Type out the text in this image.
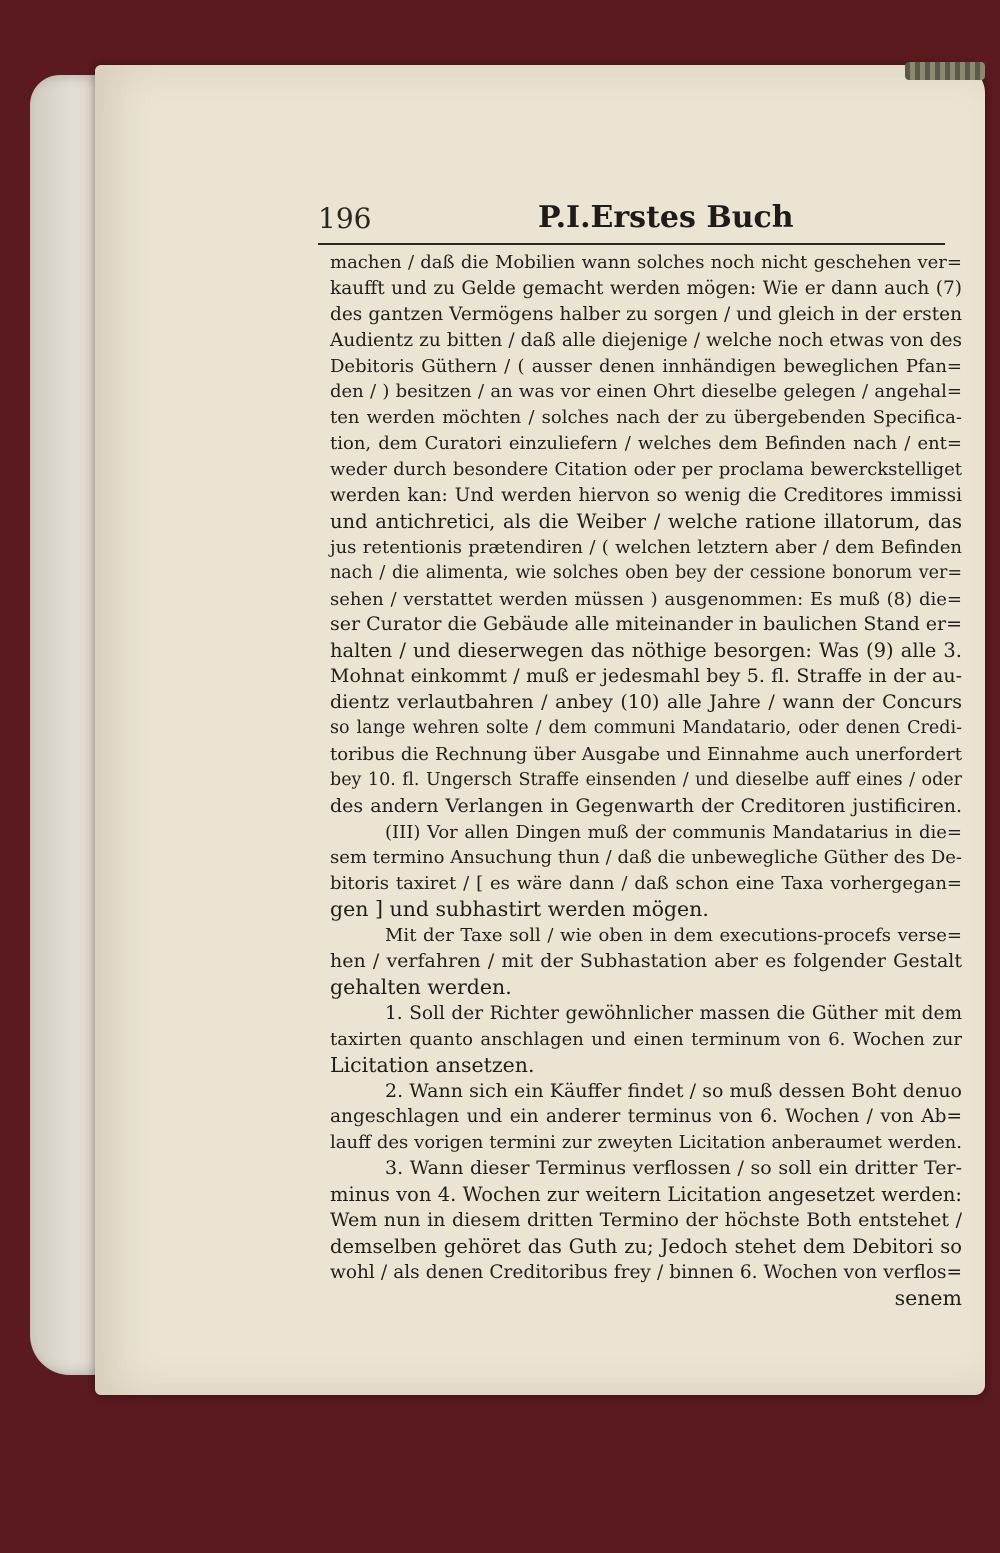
196	P.I.Erstes Buch
machen / daß die Mobilien wann solches noch nicht geschehen ver=
kaufft und zu Gelde gemacht werden mögen: Wie er dann auch (7)
des gantzen Vermögens halber zu sorgen / und gleich in der ersten
Audientz zu bitten / daß alle diejenige / welche noch etwas von des
Debitoris Güthern / ( ausser denen innhändigen beweglichen Pfan=
den / ) besitzen / an was vor einen Ohrt dieselbe gelegen / angehal=
ten werden möchten / solches nach der zu übergebenden Specifica-
tion, dem Curatori einzuliefern / welches dem Befinden nach / ent=
weder durch besondere Citation oder per proclama bewerckstelliget
werden kan: Und werden hiervon so wenig die Creditores immissi
und antichretici, als die Weiber / welche ratione illatorum, das
jus retentionis prætendiren / ( welchen letztern aber / dem Befinden
nach / die alimenta, wie solches oben bey der cessione bonorum ver=
sehen / verstattet werden müssen ) ausgenommen: Es muß (8) die=
ser Curator die Gebäude alle miteinander in baulichen Stand er=
halten / und dieserwegen das nöthige besorgen: Was (9) alle 3.
Mohnat einkommt / muß er jedesmahl bey 5. fl. Straffe in der au-
dientz verlautbahren / anbey (10) alle Jahre / wann der Concurs
so lange wehren solte / dem communi Mandatario, oder denen Credi-
toribus die Rechnung über Ausgabe und Einnahme auch unerfordert
bey 10. fl. Ungersch Straffe einsenden / und dieselbe auff eines / oder
des andern Verlangen in Gegenwarth der Creditoren justificiren.
(III) Vor allen Dingen muß der communis Mandatarius in die=
sem termino Ansuchung thun / daß die unbewegliche Güther des De-
bitoris taxiret / [ es wäre dann / daß schon eine Taxa vorhergegan=
gen ] und subhastirt werden mögen.
Mit der Taxe soll / wie oben in dem executions-procefs verse=
hen / verfahren / mit der Subhastation aber es folgender Gestalt
gehalten werden.
1. Soll der Richter gewöhnlicher massen die Güther mit dem
taxirten quanto anschlagen und einen terminum von 6. Wochen zur
Licitation ansetzen.
2. Wann sich ein Käuffer findet / so muß dessen Boht denuo
angeschlagen und ein anderer terminus von 6. Wochen / von Ab=
lauff des vorigen termini zur zweyten Licitation anberaumet werden.
3. Wann dieser Terminus verflossen / so soll ein dritter Ter-
minus von 4. Wochen zur weitern Licitation angesetzet werden:
Wem nun in diesem dritten Termino der höchste Both entstehet /
demselben gehöret das Guth zu; Jedoch stehet dem Debitori so
wohl / als denen Creditoribus frey / binnen 6. Wochen von verflos=
senem
